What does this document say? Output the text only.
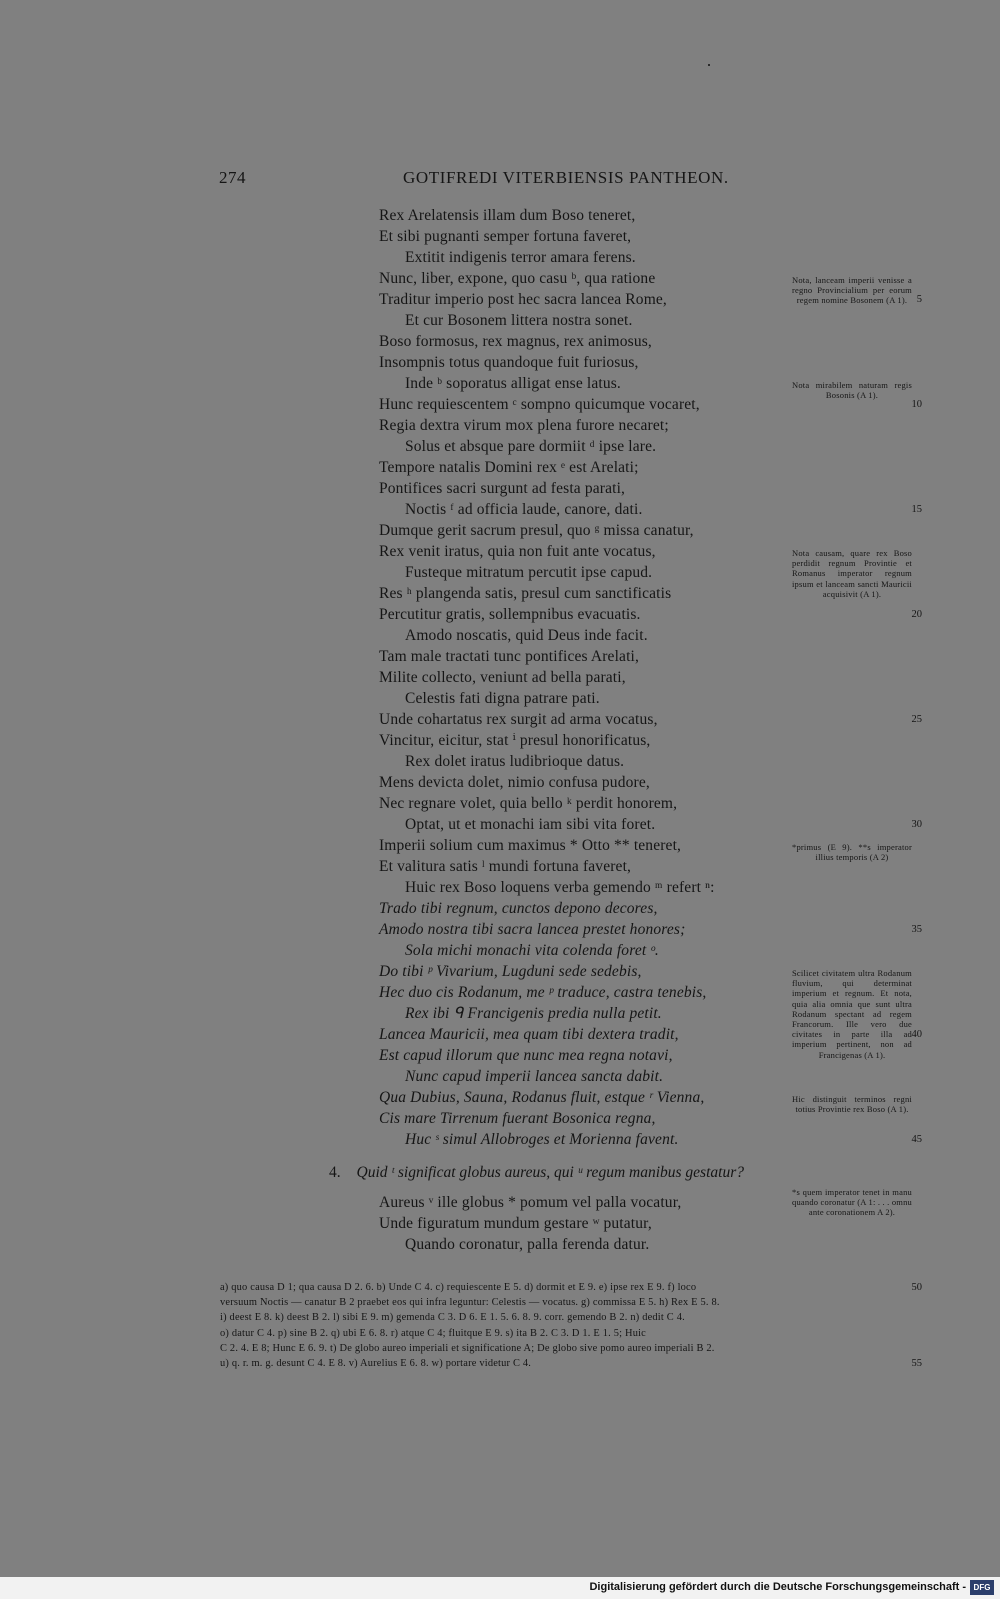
274	GOTIFREDI VITERBIENSIS PANTHEON.
Rex Arelatensis illam dum Boso teneret,
Et sibi pugnanti semper fortuna faveret,
Extitit indigenis terror amara ferens.
Nunc, liber, expone, quo casu ᵇ, qua ratione
Traditur imperio post hec sacra lancea Rome,
Et cur Bosonem littera nostra sonet.
Boso formosus, rex magnus, rex animosus,
Insompnis totus quandoque fuit furiosus,
Inde ᵇ soporatus alligat ense latus.
Hunc requiescentem ᶜ sompno quicumque vocaret,
Regia dextra virum mox plena furore necaret;
Solus et absque pare dormiit ᵈ ipse lare.
Tempore natalis Domini rex ᵉ est Arelati;
Pontifices sacri surgunt ad festa parati,
Noctis ᶠ ad officia laude, canore, dati.
Dumque gerit sacrum presul, quo ᵍ missa canatur,
Rex venit iratus, quia non fuit ante vocatus,
Fusteque mitratum percutit ipse capud.
Res ʰ plangenda satis, presul cum sanctificatis
Percutitur gratis, sollempnibus evacuatis.
Amodo noscatis, quid Deus inde facit.
Tam male tractati tunc pontifices Arelati,
Milite collecto, veniunt ad bella parati,
Celestis fati digna patrare pati.
Unde cohartatus rex surgit ad arma vocatus,
Vincitur, eicitur, stat ⁱ presul honorificatus,
Rex dolet iratus ludibrioque datus.
Mens devicta dolet, nimio confusa pudore,
Nec regnare volet, quia bello ᵏ perdit honorem,
Optat, ut et monachi iam sibi vita foret.
Imperii solium cum maximus * Otto ** teneret,
Et valitura satis ˡ mundi fortuna faveret,
Huic rex Boso loquens verba gemendo ᵐ refert ⁿ:
Trado tibi regnum, cunctos depono decores,
Amodo nostra tibi sacra lancea prestet honores;
Sola michi monachi vita colenda foret ᵒ.
Do tibi ᵖ Vivarium, Lugduni sede sedebis,
Hec duo cis Rodanum, me ᵖ traduce, castra tenebis,
Rex ibi ᑫ Francigenis predia nulla petit.
Lancea Mauricii, mea quam tibi dextera tradit,
Est capud illorum que nunc mea regna notavi,
Nunc capud imperii lancea sancta dabit.
Qua Dubius, Sauna, Rodanus fluit, estque ʳ Vienna,
Cis mare Tirrenum fuerant Bosonica regna,
Huc ˢ simul Allobroges et Morienna favent.
Nota, lanceam imperii venisse a regno Provincialium per eorum regem nomine Bosonem (A 1).
Nota mirabilem naturam regis Bosonis (A 1).
Nota causam, quare rex Boso perdidit regnum Provintie et Romanus imperator regnum ipsum et lanceam sancti Mauricii acquisivit (A 1).
*primus (E 9). **s imperator illius temporis (A 2)
Scilicet civitatem ultra Rodanum fluvium, qui determinat imperium et regnum. Et nota, quia alia omnia que sunt ultra Rodanum spectant ad regem Francorum. Ille vero due civitates in parte illa ad imperium pertinent, non ad Francigenas (A 1).
Hic distinguit terminos regni totius Provintie rex Boso (A 1).
*s quem imperator tenet in manu quando coronatur (A 1: . . . omnu ante coronationem A 2).
5
10
15
20
25
30
35
40
45
4. Quid ᵗ significat globus aureus, qui ᵘ regum manibus gestatur?
Aureus ᵛ ille globus * pomum vel palla vocatur,
Unde figuratum mundum gestare ʷ putatur,
Quando coronatur, palla ferenda datur.
a) quo causa D 1; qua causa D 2. 6. b) Unde C 4. c) requiescente E 5. d) dormit et E 9. e) ipse rex E 9. f) loco
versuum Noctis — canatur B 2 praebet eos qui infra leguntur: Celestis — vocatus. g) commissa E 5. h) Rex E 5. 8.
i) deest E 8. k) deest B 2. l) sibi E 9. m) gemenda C 3. D 6. E 1. 5. 6. 8. 9. corr. gemendo B 2. n) dedit C 4.
o) datur C 4. p) sine B 2. q) ubi E 6. 8. r) atque C 4; fluitque E 9. s) ita B 2. C 3. D 1. E 1. 5; Huic
C 2. 4. E 8; Hunc E 6. 9. t) De globo aureo imperiali et significatione A; De globo sive pomo aureo imperiali B 2.
u) q. r. m. g. desunt C 4. E 8. v) Aurelius E 6. 8. w) portare videtur C 4.
50
55
Digitalisierung gefördert durch die Deutsche Forschungsgemeinschaft - DFG
